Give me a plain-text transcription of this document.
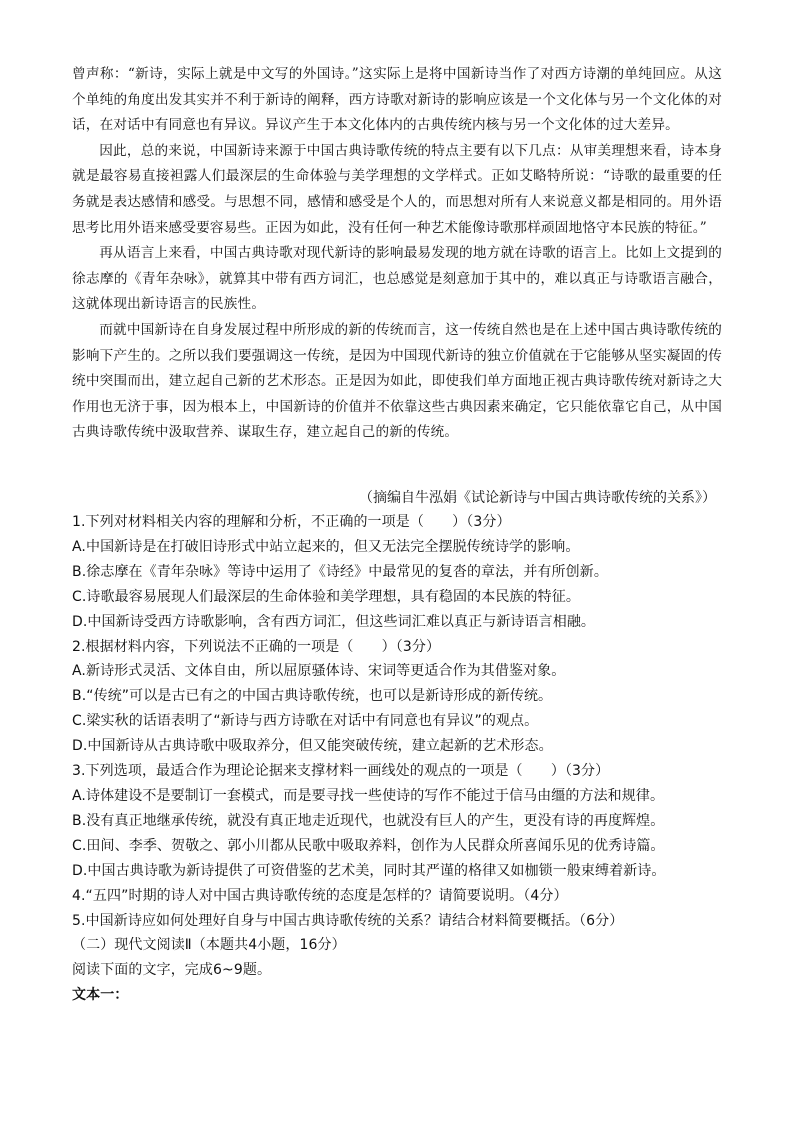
曾声称：“新诗，实际上就是中文写的外国诗。”这实际上是将中国新诗当作了对西方诗潮的单纯回应。从这个单纯的角度出发其实并不利于新诗的阐释，西方诗歌对新诗的影响应该是一个文化体与另一个文化体的对话，在对话中有同意也有异议。异议产生于本文化体内的古典传统内核与另一个文化体的过大差异。

因此，总的来说，中国新诗来源于中国古典诗歌传统的特点主要有以下几点：从审美理想来看，诗本身就是最容易直接袒露人们最深层的生命体验与美学理想的文学样式。正如艾略特所说：“诗歌的最重要的任务就是表达感情和感受。与思想不同，感情和感受是个人的，而思想对所有人来说意义都是相同的。用外语思考比用外语来感受要容易些。正因为如此，没有任何一种艺术能像诗歌那样顽固地恪守本民族的特征。”

再从语言上来看，中国古典诗歌对现代新诗的影响最易发现的地方就在诗歌的语言上。比如上文提到的徐志摩的《青年杂咏》，就算其中带有西方词汇，也总感觉是刻意加于其中的，难以真正与诗歌语言融合，这就体现出新诗语言的民族性。

而就中国新诗在自身发展过程中所形成的新的传统而言，这一传统自然也是在上述中国古典诗歌传统的影响下产生的。之所以我们要强调这一传统，是因为中国现代新诗的独立价值就在于它能够从坚实凝固的传统中突围而出，建立起自己新的艺术形态。正是因为如此，即使我们单方面地正视古典诗歌传统对新诗之大作用也无济于事，因为根本上，中国新诗的价值并不依靠这些古典因素来确定，它只能依靠它自己，从中国古典诗歌传统中汲取营养、谋取生存，建立起自己的新的传统。

（摘编自牛泓娟《试论新诗与中国古典诗歌传统的关系》）
1.下列对材料相关内容的理解和分析，不正确的一项是（　　）（3分）
A.中国新诗是在打破旧诗形式中站立起来的，但又无法完全摆脱传统诗学的影响。
B.徐志摩在《青年杂咏》等诗中运用了《诗经》中最常见的复沓的章法，并有所创新。
C.诗歌最容易展现人们最深层的生命体验和美学理想，具有稳固的本民族的特征。
D.中国新诗受西方诗歌影响，含有西方词汇，但这些词汇难以真正与新诗语言相融。
2.根据材料内容，下列说法不正确的一项是（　　）（3分）
A.新诗形式灵活、文体自由，所以屈原骚体诗、宋词等更适合作为其借鉴对象。
B.“传统”可以是古已有之的中国古典诗歌传统，也可以是新诗形成的新传统。
C.梁实秋的话语表明了“新诗与西方诗歌在对话中有同意也有异议”的观点。
D.中国新诗从古典诗歌中吸取养分，但又能突破传统，建立起新的艺术形态。
3.下列选项，最适合作为理论论据来支撑材料一画线处的观点的一项是（　　）（3分）
A.诗体建设不是要制订一套模式，而是要寻找一些使诗的写作不能过于信马由缰的方法和规律。
B.没有真正地继承传统，就没有真正地走近现代，也就没有巨人的产生，更没有诗的再度辉煌。
C.田间、李季、贺敬之、郭小川都从民歌中吸取养料，创作为人民群众所喜闻乐见的优秀诗篇。
D.中国古典诗歌为新诗提供了可资借鉴的艺术美，同时其严谨的格律又如枷锁一般束缚着新诗。
4.“五四”时期的诗人对中国古典诗歌传统的态度是怎样的？请简要说明。（4分）
5.中国新诗应如何处理好自身与中国古典诗歌传统的关系？请结合材料简要概括。（6分）
（二）现代文阅读Ⅱ（本题共4小题，16分）
阅读下面的文字，完成6~9题。
文本一：
